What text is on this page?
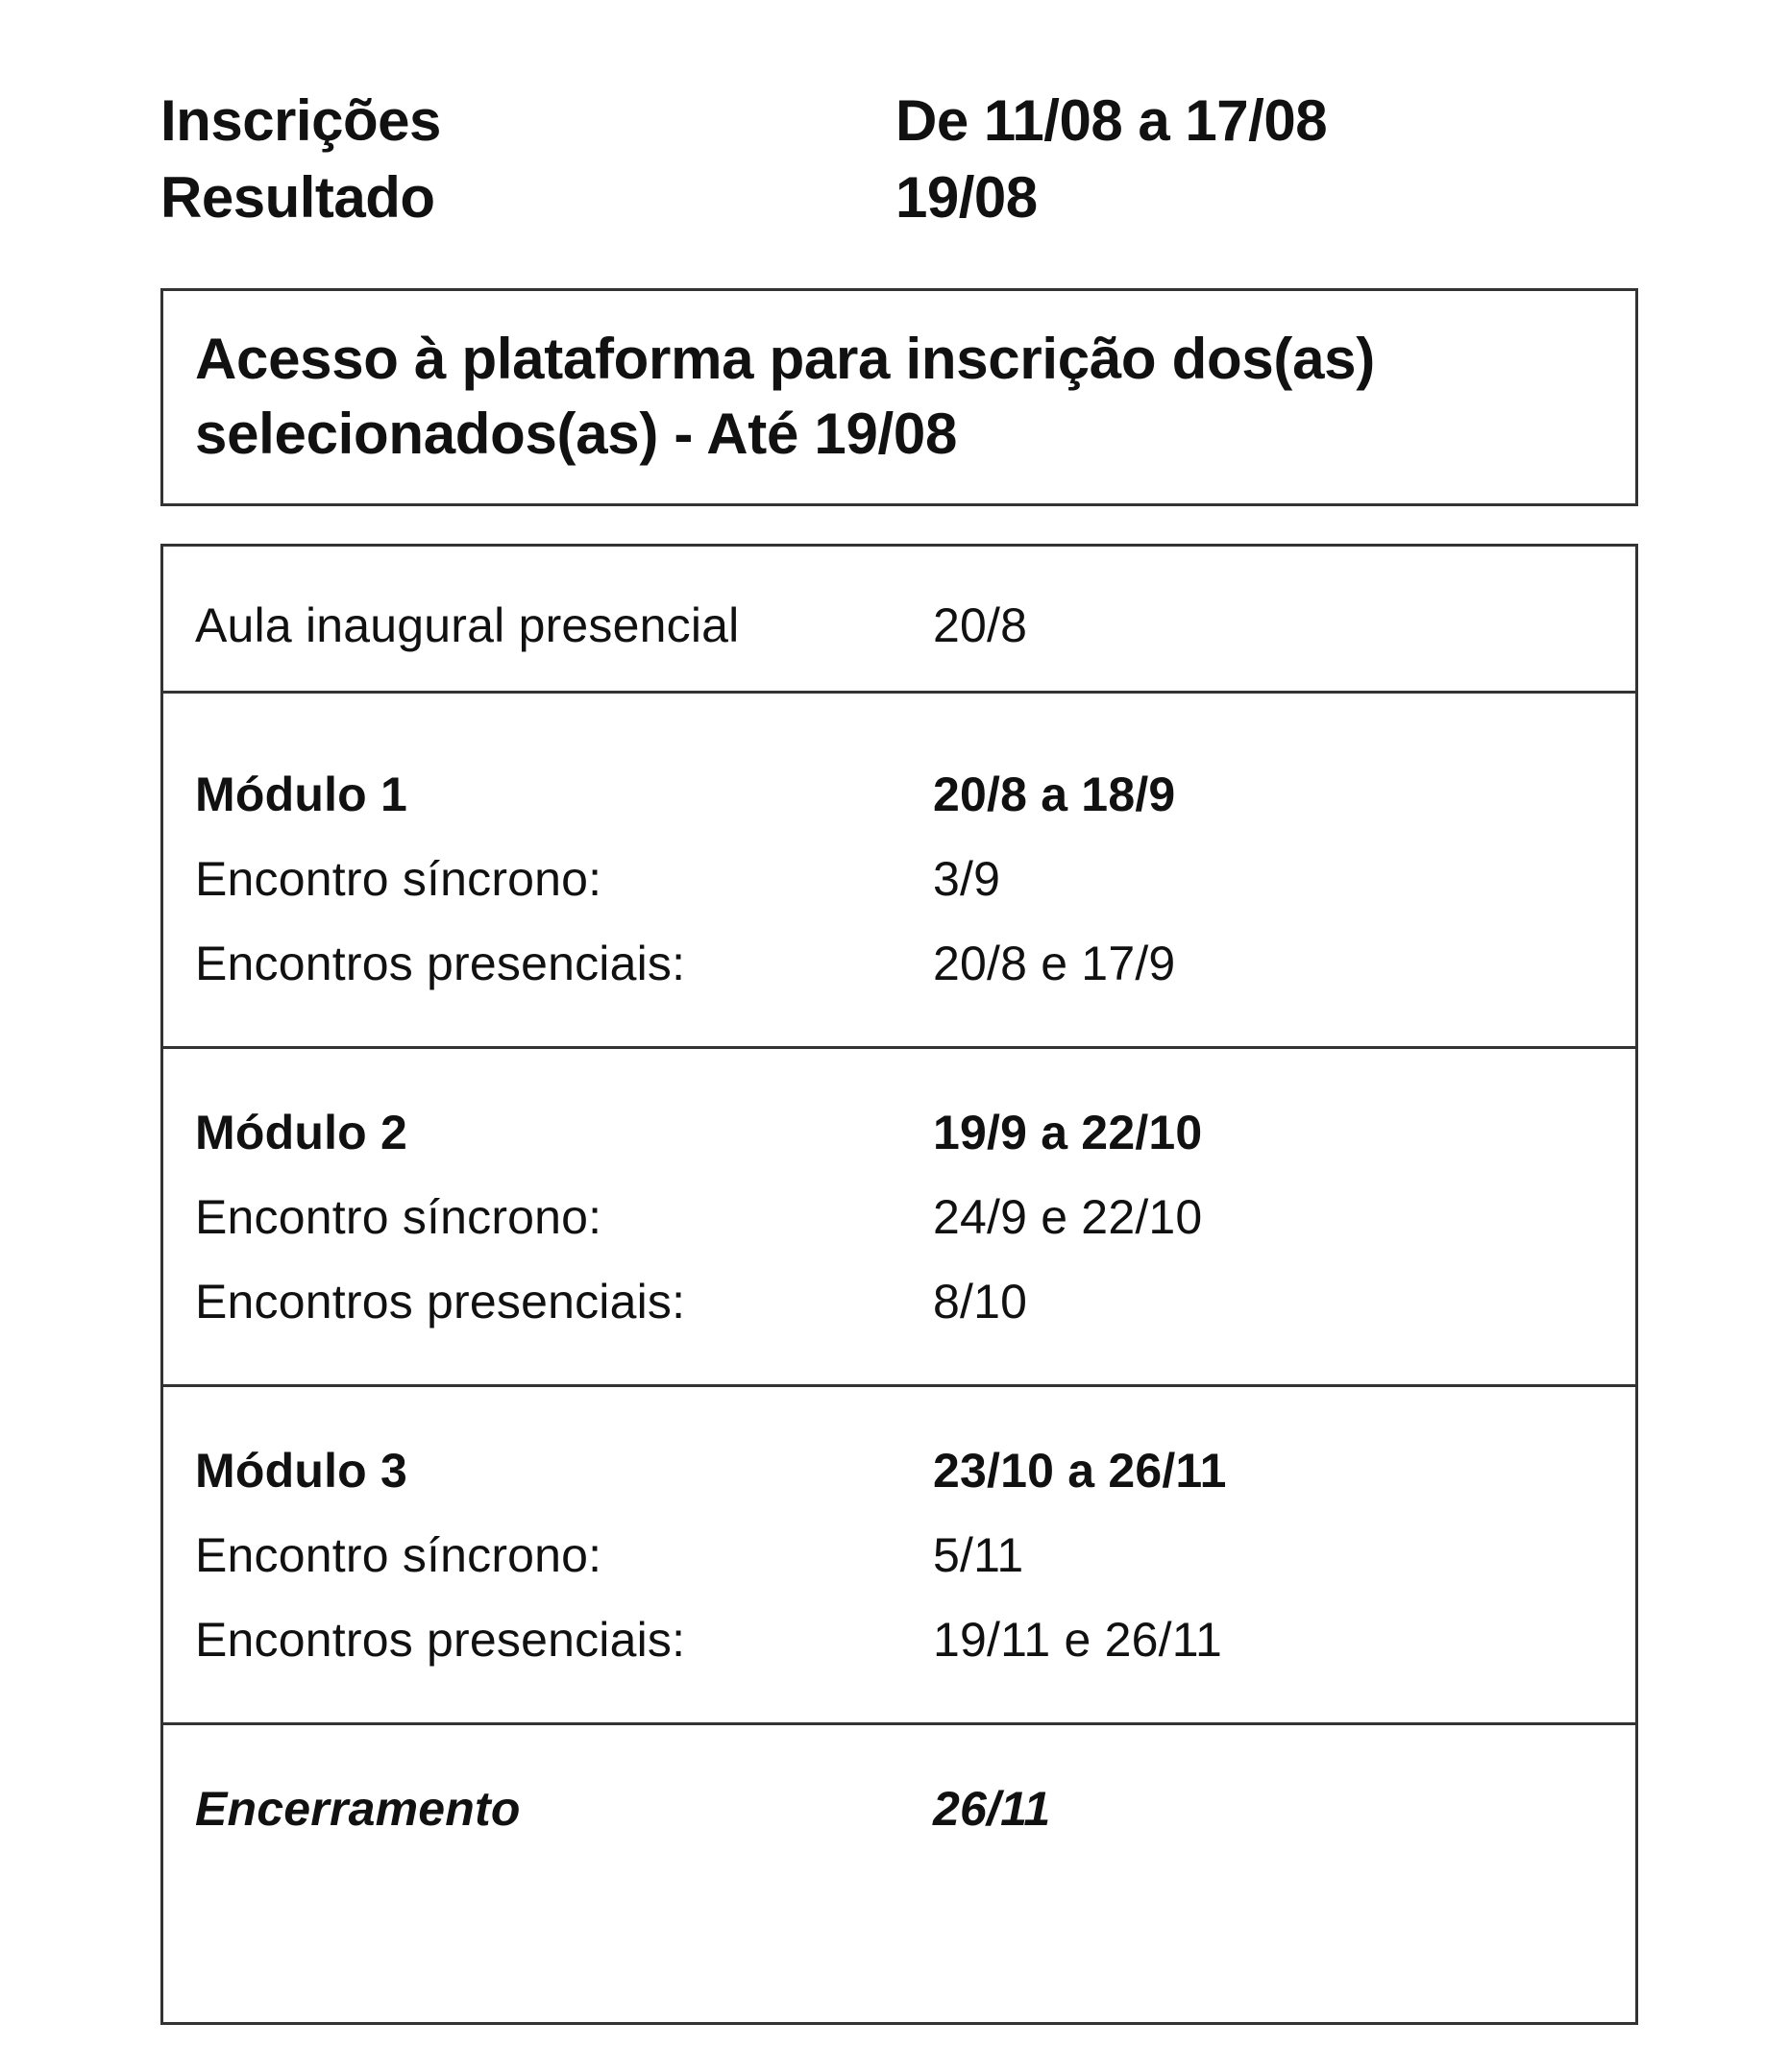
Inscrições	De 11/08 a 17/08
Resultado	19/08
Acesso à plataforma para inscrição dos(as)
selecionados(as) - Até 19/08
Aula inaugural presencial	20/8
Módulo 1	20/8 a 18/9
Encontro síncrono:	3/9
Encontros presenciais:	20/8 e 17/9
Módulo 2	19/9 a 22/10
Encontro síncrono:	24/9 e 22/10
Encontros presenciais:	8/10
Módulo 3	23/10 a 26/11
Encontro síncrono:	5/11
Encontros presenciais:	19/11 e 26/11
Encerramento	26/11
